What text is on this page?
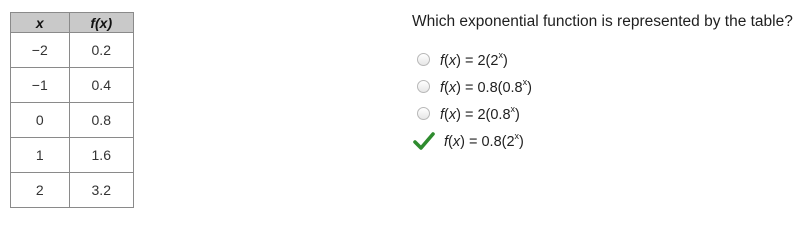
x	f(x)
−2	0.2
−1	0.4
0	0.8
1	1.6
2	3.2
Which exponential function is represented by the table?
$f(x) = 2(2^x)$
$f(x) = 0.8(0.8^x)$
$f(x) = 2(0.8^x)$
$f(x) = 0.8(2^x)$
